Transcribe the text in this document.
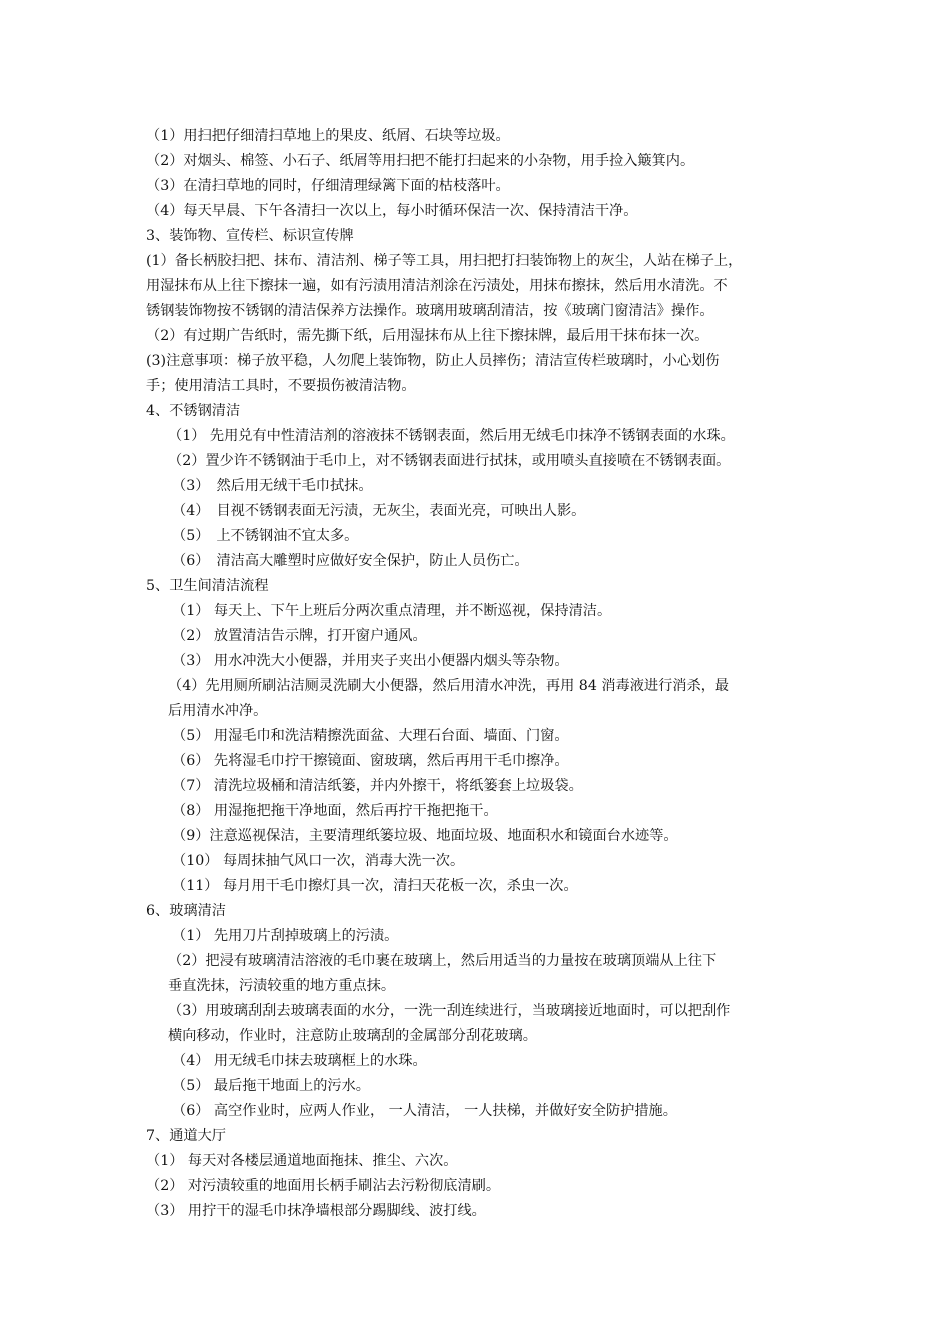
（1）用扫把仔细清扫草地上的果皮、纸屑、石块等垃圾。

（2）对烟头、棉签、小石子、纸屑等用扫把不能打扫起来的小杂物，用手捡入簸箕内。

（3）在清扫草地的同时，仔细清理绿篱下面的枯枝落叶。

（4）每天早晨、下午各清扫一次以上，每小时循环保洁一次、保持清洁干净。

3、装饰物、宣传栏、标识宣传牌

(1）备长柄胶扫把、抹布、清洁剂、梯子等工具，用扫把打扫装饰物上的灰尘，人站在梯子上，

用湿抹布从上往下擦抹一遍，如有污渍用清洁剂涂在污渍处，用抹布擦抹，然后用水清洗。不

锈钢装饰物按不锈钢的清洁保养方法操作。玻璃用玻璃刮清洁，按《玻璃门窗清洁》操作。

（2）有过期广告纸时，需先撕下纸，后用湿抹布从上往下擦抹牌，最后用干抹布抹一次。

(3)注意事项：梯子放平稳，人勿爬上装饰物，防止人员摔伤；清洁宣传栏玻璃时，小心划伤

手；使用清洁工具时，不要损伤被清洁物。

4、不锈钢清洁

（1） 先用兑有中性清洁剂的溶液抹不锈钢表面，然后用无绒毛巾抹净不锈钢表面的水珠。

（2）置少许不锈钢油于毛巾上，对不锈钢表面进行拭抹，或用喷头直接喷在不锈钢表面。

（3）　然后用无绒干毛巾拭抹。

（4）　目视不锈钢表面无污渍，无灰尘，表面光亮，可映出人影。

（5）　上不锈钢油不宜太多。

（6）　清洁高大雕塑时应做好安全保护，防止人员伤亡。

5、卫生间清洁流程

（1） 每天上、下午上班后分两次重点清理，并不断巡视，保持清洁。

（2） 放置清洁告示牌，打开窗户通风。

（3） 用水冲洗大小便器，并用夹子夹出小便器内烟头等杂物。

（4）先用厕所刷沾洁厕灵洗刷大小便器，然后用清水冲洗，再用 84 消毒液进行消杀，最

后用清水冲净。

（5） 用湿毛巾和洗洁精擦洗面盆、大理石台面、墙面、门窗。

（6） 先将湿毛巾拧干擦镜面、窗玻璃，然后再用干毛巾擦净。

（7） 清洗垃圾桶和清洁纸篓，并内外擦干，将纸篓套上垃圾袋。

（8） 用湿拖把拖干净地面，然后再拧干拖把拖干。

（9）注意巡视保洁，主要清理纸篓垃圾、地面垃圾、地面积水和镜面台水迹等。

（10） 每周抹抽气风口一次，消毒大洗一次。

（11） 每月用干毛巾擦灯具一次，清扫天花板一次，杀虫一次。

6、玻璃清洁

（1） 先用刀片刮掉玻璃上的污渍。

（2）把浸有玻璃清洁溶液的毛巾裹在玻璃上，然后用适当的力量按在玻璃顶端从上往下

垂直洗抹，污渍较重的地方重点抹。

（3）用玻璃刮刮去玻璃表面的水分，一洗一刮连续进行，当玻璃接近地面时，可以把刮作

横向移动，作业时，注意防止玻璃刮的金属部分刮花玻璃。

（4） 用无绒毛巾抹去玻璃框上的水珠。

（5） 最后拖干地面上的污水。

（6） 高空作业时，应两人作业， 一人清洁， 一人扶梯，并做好安全防护措施。

7、通道大厅

（1） 每天对各楼层通道地面拖抹、推尘、六次。

（2） 对污渍较重的地面用长柄手刷沾去污粉彻底清刷。

（3） 用拧干的湿毛巾抹净墙根部分踢脚线、波打线。
